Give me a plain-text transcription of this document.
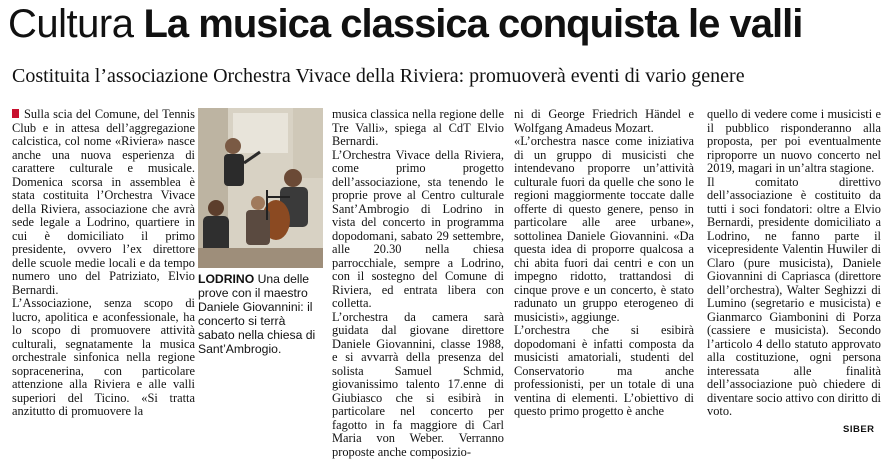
Cultura La musica classica conquista le valli
Costituita l’associazione Orchestra Vivace della Riviera: promuoverà eventi di vario genere

Sulla scia del Comune, del Tennis Club e in attesa dell’aggregazione calcistica, col nome «Riviera» nasce anche una nuova esperienza di carattere culturale e musicale. Domenica scorsa in assemblea è stata costituita l’Orchestra Vivace della Riviera, associazione che avrà sede legale a Lodrino, quartiere in cui è domiciliato il primo presidente, ovvero l’ex direttore delle scuole medie locali e da tempo numero uno del Patriziato, Elvio Bernardi.

L’Associazione, senza scopo di lucro, apolitica e aconfessionale, ha lo scopo di promuovere attività culturali, segnatamente la musica orchestrale sinfonica nella regione sopracenerina, con particolare attenzione alla Riviera e alle valli superiori del Ticino. «Si tratta anzitutto di promuovere la

LODRINO Una delle prove con il maestro Daniele Giovannini: il concerto si terrà sabato nella chiesa di Sant’Ambrogio.

musica classica nella regione delle Tre Valli», spiega al CdT Elvio Bernardi.

L’Orchestra Vivace della Riviera, come primo progetto dell’associazione, sta tenendo le proprie prove al Centro culturale Sant’Ambrogio di Lodrino in vista del concerto in programma dopodomani, sabato 29 settembre, alle 20.30 nella chiesa parrocchiale, sempre a Lodrino, con il sostegno del Comune di Riviera, ed entrata libera con colletta.

L’orchestra da camera sarà guidata dal giovane direttore Daniele Giovannini, classe 1988, e si avvarrà della presenza del solista Samuel Schmid, giovanissimo talento 17.enne di Giubiasco che si esibirà in particolare nel concerto per fagotto in fa maggiore di Carl Maria von Weber. Verranno proposte anche composizio-

ni di George Friedrich Händel e Wolfgang Amadeus Mozart.

«L’orchestra nasce come iniziativa di un gruppo di musicisti che intendevano proporre un’attività culturale fuori da quelle che sono le regioni maggiormente toccate dalle offerte di questo genere, penso in particolare alle aree urbane», sottolinea Daniele Giovannini. «Da questa idea di proporre qualcosa a chi abita fuori dai centri e con un impegno ridotto, trattandosi di cinque prove e un concerto, è stato radunato un gruppo eterogeneo di musicisti», aggiunge.

L’orchestra che si esibirà dopodomani è infatti composta da musicisti amatoriali, studenti del Conservatorio ma anche professionisti, per un totale di una ventina di elementi. L’obiettivo di questo primo progetto è anche

quello di vedere come i musicisti e il pubblico risponderanno alla proposta, per poi eventualmente riproporre un nuovo concerto nel 2019, magari in un’altra stagione.

Il comitato direttivo dell’associazione è costituito da tutti i soci fondatori: oltre a Elvio Bernardi, presidente domiciliato a Lodrino, ne fanno parte il vicepresidente Valentin Huwiler di Claro (pure musicista), Daniele Giovannini di Capriasca (direttore dell’orchestra), Walter Seghizzi di Lumino (segretario e musicista) e Gianmarco Giambonini di Porza (cassiere e musicista). Secondo l’articolo 4 dello statuto approvato alla costituzione, ogni persona interessata alle finalità dell’associazione può chiedere di diventare socio attivo con diritto di voto.

SIBER
